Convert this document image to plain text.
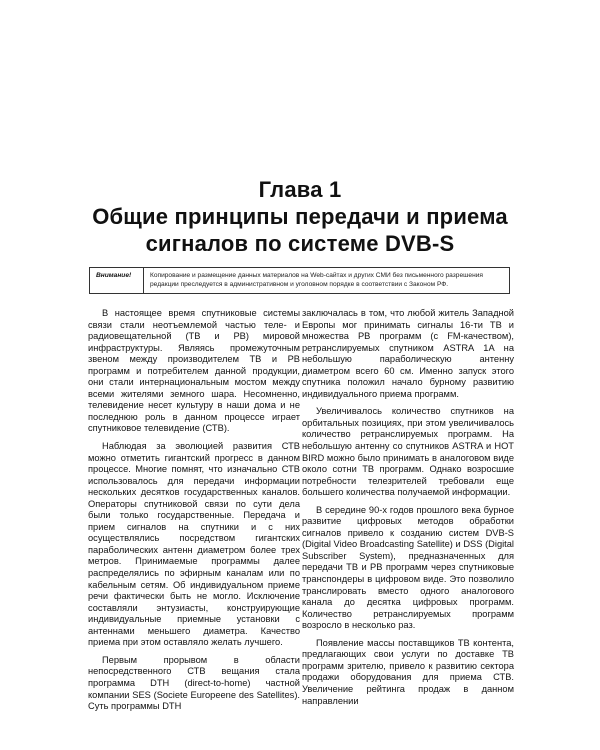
Глава 1
Общие принципы передачи и приема сигналов по системе DVB-S
Внимание!	Копирование и размещение данных материалов на Web-сайтах и других СМИ без письменного разрешения редакции преследуется в административном и уголовном порядке в соответствии с Законом РФ.

В настоящее время спутниковые системы связи стали неотъемлемой частью теле- и радиовещательной (ТВ и РВ) мировой инфраструктуры. Являясь промежуточным звеном между производителем ТВ и РВ программ и потребителем данной продукции, они стали интернациональным мостом между всеми жителями земного шара. Несомненно, телевидение несет культуру в наши дома и не последнюю роль в данном процессе играет спутниковое телевидение (СТВ).

Наблюдая за эволюцией развития СТВ можно отметить гигантский прогресс в данном процессе. Многие помнят, что изначально СТВ использовалось для передачи информации нескольких десятков государственных каналов. Операторы спутниковой связи по сути дела были только государственные. Передача и прием сигналов на спутники и с них осуществлялись посредством гигантских параболических антенн диаметром более трех метров. Принимаемые программы далее распределялись по эфирным каналам или по кабельным сетям. Об индивидуальном приеме речи фактически быть не могло. Исключение составляли энтузиасты, конструирующие индивидуальные приемные установки с антеннами меньшего диаметра. Качество приема при этом оставляло желать лучшего.

Первым прорывом в области непосредственного СТВ вещания стала программа DTH (direct-to-home) частной компании SES (Societe Europeene des Satellites). Суть программы DTH

заключалась в том, что любой житель Западной Европы мог принимать сигналы 16-ти ТВ и множества РВ программ (с FM-качеством), ретранслируемых спутником ASTRA 1A на небольшую параболическую антенну диаметром всего 60 см. Именно запуск этого спутника положил начало бурному развитию индивидуального приема программ.

Увеличивалось количество спутников на орбитальных позициях, при этом увеличивалось количество ретранслируемых программ. На небольшую антенну со спутников ASTRA и HOT BIRD можно было принимать в аналоговом виде около сотни ТВ программ. Однако возросшие потребности телезрителей требовали еще большего количества получаемой информации.

В середине 90-х годов прошлого века бурное развитие цифровых методов обработки сигналов привело к созданию систем DVB-S (Digital Video Broadcasting Satellite) и DSS (Digital Subscriber System), предназначенных для передачи ТВ и РВ программ через спутниковые транспондеры в цифровом виде. Это позволило транслировать вместо одного аналогового канала до десятка цифровых программ. Количество ретранслируемых программ возросло в несколько раз.

Появление массы поставщиков ТВ контента, предлагающих свои услуги по доставке ТВ программ зрителю, привело к развитию сектора продажи оборудования для приема СТВ. Увеличение рейтинга продаж в данном направлении
